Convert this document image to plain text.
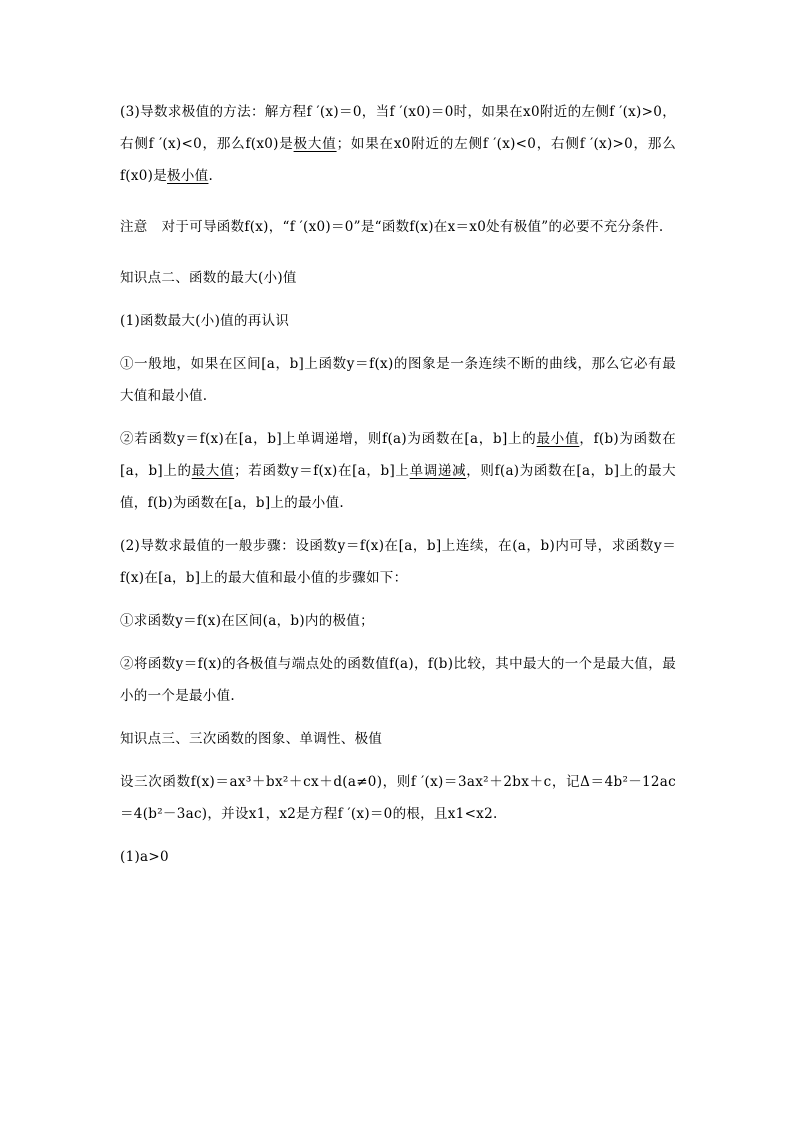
(3)导数求极值的方法：解方程f ′(x)＝0，当f ′(x0)＝0时，如果在x0附近的左侧f ′(x)>0，右侧f ′(x)<0，那么f(x0)是极大值；如果在x0附近的左侧f ′(x)<0，右侧f ′(x)>0，那么f(x0)是极小值.
注意 对于可导函数f(x)，“f ′(x0)＝0”是“函数f(x)在x＝x0处有极值”的必要不充分条件.
知识点二、函数的最大(小)值
(1)函数最大(小)值的再认识
①一般地，如果在区间[a，b]上函数y＝f(x)的图象是一条连续不断的曲线，那么它必有最大值和最小值.
②若函数y＝f(x)在[a，b]上单调递增，则f(a)为函数在[a，b]上的最小值，f(b)为函数在[a，b]上的最大值；若函数y＝f(x)在[a，b]上单调递减，则f(a)为函数在[a，b]上的最大值，f(b)为函数在[a，b]上的最小值.
(2)导数求最值的一般步骤：设函数y＝f(x)在[a，b]上连续，在(a，b)内可导，求函数y＝f(x)在[a，b]上的最大值和最小值的步骤如下：
①求函数y＝f(x)在区间(a，b)内的极值；
②将函数y＝f(x)的各极值与端点处的函数值f(a)，f(b)比较，其中最大的一个是最大值，最小的一个是最小值.
知识点三、三次函数的图象、单调性、极值
设三次函数f(x)＝ax³＋bx²＋cx＋d(a≠0)，则f ′(x)＝3ax²＋2bx＋c，记Δ＝4b²－12ac＝4(b²－3ac)，并设x1，x2是方程f ′(x)＝0的根，且x1<x2.
(1)a>0
